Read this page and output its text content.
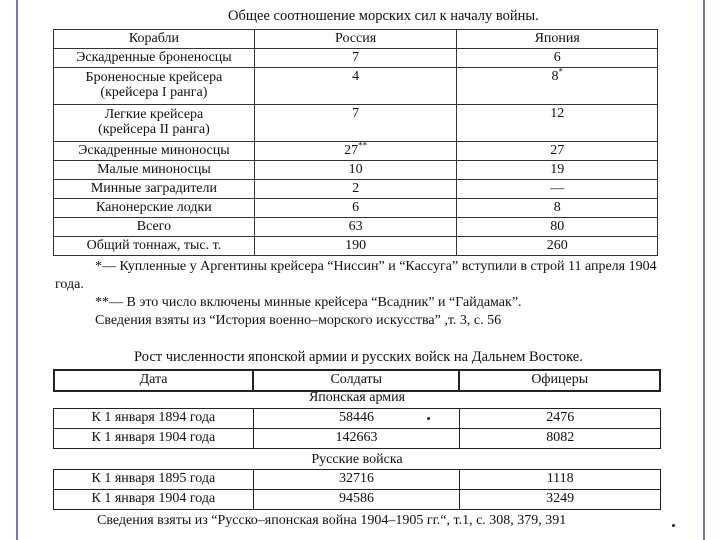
Общее соотношение морских сил к началу войны.
Корабли	Россия	Япония
Эскадренные броненосцы	7	6
Броненосные крейсера (крейсера I ранга)	4	8*
Легкие крейсера (крейсера II ранга)	7	12
Эскадренные миноносцы	27**	27
Малые миноносцы	10	19
Минные заградители	2	—
Канонерские лодки	6	8
Всего	63	80
Общий тоннаж, тыс. т.	190	260

*— Купленные у Аргентины крейсера “Ниссин” и “Кассуга” вступили в строй 11 апреля 1904 года.

**— В это число включены минные крейсера “Всадник” и “Гайдамак”.

Сведения взяты из “История военно–морского искусства” ,т. 3, с. 56

Рост численности японской армии и русских войск на Дальнем Востоке.
Дата	Солдаты	Офицеры
Японская армия
К 1 января 1894 года	58446	2476
К 1 января 1904 года	142663	8082
Русские войска
К 1 января 1895 года	32716	1118
К 1 января 1904 года	94586	3249
Сведения взяты из “Русско–японская война 1904–1905 гг.“, т.1, с. 308, 379, 391
